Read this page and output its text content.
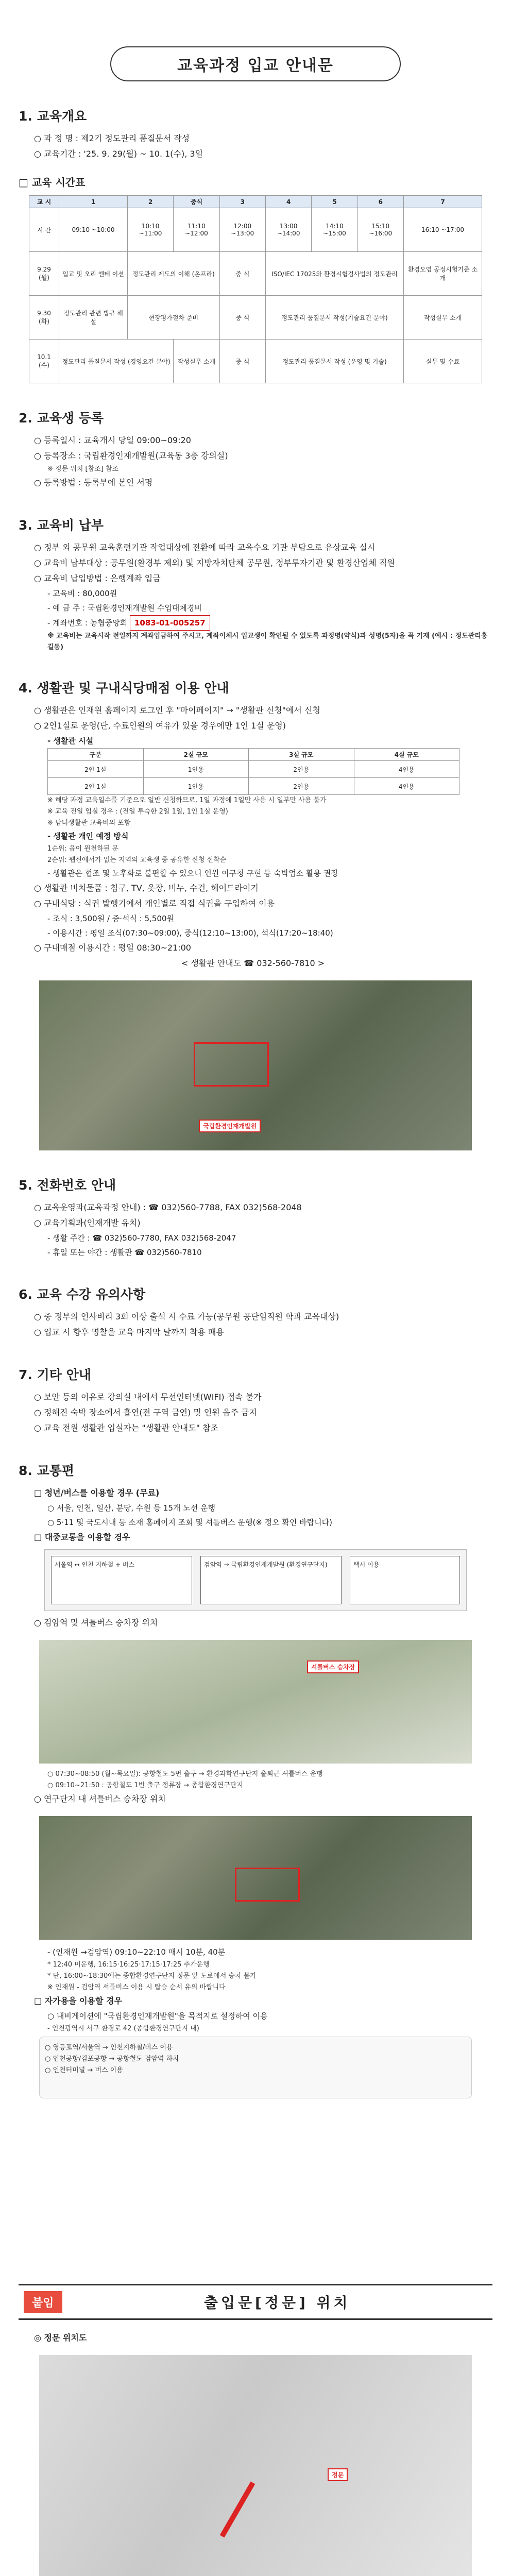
교육과정 입교 안내문
1. 교육개요
○ 과 정 명 : 제2기 정도관리 품질문서 작성
○ 교육기간 : '25. 9. 29(월) ~ 10. 1(수), 3일
□ 교육 시간표
교 시	1	2	중식	3	4	5	6	7
시 간	09:10 ~10:00	10:10 ~11:00	11:10 ~12:00	12:00 ~13:00	13:00 ~14:00	14:10 ~15:00	15:10 ~16:00	16:10 ~17:00
9.29 (월)	입교 및 오리 엔테 이션	정도관리 제도의 이해 (온프라)		중 식	ISO/IEC 17025와 환경시험검사법의 정도관리			환경오염 공정시험기준 소개
9.30 (화)	정도관리 관련 법규 해설	현장평가절차 준비		중 식	정도관리 품질문서 작성(기술요건 분야)			작성실무 소개
10.1 (수)	정도관리 품질문서 작성 (경영요건 분야)		작성실무 소개	중 식	정도관리 품질문서 작성 (운영 및 기술)			실무 및 수료
2. 교육생 등록
○ 등록일시 : 교육개시 당일 09:00~09:20
○ 등록장소 : 국립환경인재개발원(교육동 3층 강의실)
※ 정문 위치 [참조] 참조
○ 등록방법 : 등록부에 본인 서명
3. 교육비 납부
○ 정부 외 공무원 교육훈련기관 작업대상에 전환에 따라 교육수요 기관 부담으로 유상교육 실시
○ 교육비 납부대상 : 공무원(환경부 제외) 및 지방자치단체 공무원, 정부투자기관 및 환경산업체 직원
○ 교육비 납입방법 : 은행계좌 입금
- 교육비 : 80,000원
- 예 금 주 : 국립환경인재개발원 수입대체경비
- 계좌번호 : 농협중앙회 1083-01-005257
※ 교육비는 교육시작 전일까지 계좌입금하여 주시고, 계좌이체시 입교생이 확인될 수 있도록 과정명(약식)과 성명(5자)을 꼭 기재 (예시 : 정도관리홍길동)
4. 생활관 및 구내식당매점 이용 안내
○ 생활관은 인재원 홈페이지 로그인 후 "마이페이지" → "생활관 신청"에서 신청
○ 2인1실로 운영(단, 수료인원의 여유가 있을 경우에만 1인 1실 운영)
- 생활관 시설
구분	2실 규모	3실 규모	4실 규모
2인 1실	1인용	2인용	4인용
2인 1실	1인용	2인용	4인용
※ 해당 과정 교육일수를 기준으로 일반 신청하므로, 1일 과정에 1일만 사용 시 일부만 사용 불가
※ 교육 전일 입실 경우 : (전일 투숙한 2일 1일, 1인 1실 운영)
※ 남녀생활관 교육비의 포함
- 생활관 개인 예정 방식
1순위: 읍이 원천하된 문
2순위: 웹신에서가 없는 지역의 교육생 중 공유한 신청 선착순
- 생활관은 협조 및 노후화로 불편할 수 있으니 인원 이구청 구현 등 숙박업소 활용 권장
○ 생활관 비치물품 : 침구, TV, 옷장, 비누, 수건, 헤어드라이기
○ 구내식당 : 식권 발행기에서 개인별로 직접 식권을 구입하여 이용
- 조식 : 3,500원 / 중·석식 : 5,500원
- 이용시간 : 평일 조식(07:30~09:00), 중식(12:10~13:00), 석식(17:20~18:40)
○ 구내매점 이용시간 : 평일 08:30~21:00
< 생활관 안내도 ☎ 032-560-7810 >
국립환경인재개발원
5. 전화번호 안내
○ 교육운영과(교육과정 안내) : ☎ 032)560-7788, FAX 032)568-2048
○ 교육기획과(인재개발 유치)
- 생활 주간 : ☎ 032)560-7780, FAX 032)568-2047
- 휴일 또는 야간 : 생활관 ☎ 032)560-7810
6. 교육 수강 유의사항
○ 중 정부의 인사비리 3회 이상 출석 시 수료 가능(공무원 공단임직원 학과 교육대상)
○ 입교 시 향후 명찰을 교육 마지막 날까지 착용 패용
7. 기타 안내
○ 보안 등의 이유로 강의실 내에서 무선인터넷(WIFI) 접속 불가
○ 정해진 숙박 장소에서 흡연(전 구역 금연) 및 인원 음주 금지
○ 교육 전원 생활관 입실자는 "생활관 안내도" 참조
8. 교통편
□ 청년/버스를 이용할 경우 (무료)
○ 서울, 인천, 일산, 분당, 수원 등 15개 노선 운행
○ 5·11 및 국도시내 등 소재 홈페이지 조회 및 셔틀버스 운행(※ 정오 확인 바랍니다)
□ 대중교통을 이용할 경우
서울역 ↔ 인천 지하철 + 버스	검암역 → 국립환경인재개발원 (환경연구단지)	택시 이용
○ 검암역 및 셔틀버스 승차장 위치
셔틀버스 승차장
○ 07:30~08:50 (월~목요일): 공항철도 5번 출구 → 환경과학연구단지 출퇴근 셔틀버스 운행
○ 09:10~21:50 : 공항철도 1번 출구 정류장 → 종합환경연구단지
○ 연구단지 내 셔틀버스 승차장 위치
- (인재원 →검암역) 09:10~22:10 매시 10분, 40분
* 12:40 미운행, 16:15·16:25·17:15·17:25 추가운행
* 단, 16:00~18:30에는 종합환경연구단지 정문 앞 도로에서 승차 불가
※ 인재원 - 검암역 셔틀버스 이용 시 탑승 순서 유의 바랍니다
□ 자가용을 이용할 경우
○ 내비게이션에 "국립환경인재개발원"을 목적지로 설정하여 이용
- 인천광역시 서구 환경로 42 (종합환경연구단지 내)
○ 영등포역/서울역 → 인천지하철/버스 이용
○ 인천공항/김포공항 → 공항철도 검암역 하차
○ 인천터미널 → 버스 이용
붙임	출입문[정문] 위치
◎ 정문 위치도
정문
